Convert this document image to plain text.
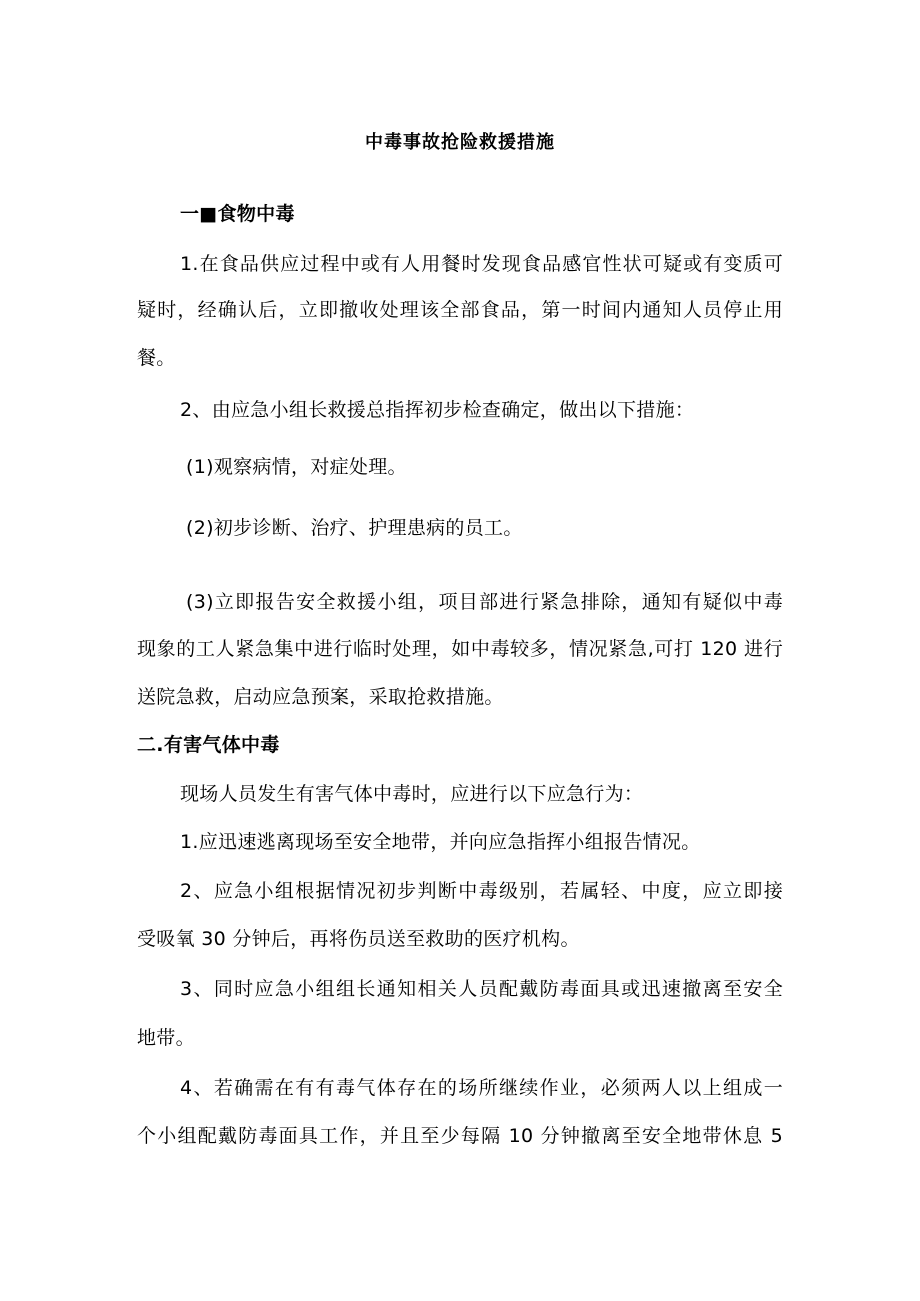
中毒事故抢险救援措施
一■食物中毒
1.在食品供应过程中或有人用餐时发现食品感官性状可疑或有变质可
疑时，经确认后，立即撤收处理该全部食品，第一时间内通知人员停止用
餐。
2、由应急小组长救援总指挥初步检查确定，做出以下措施：
(1)观察病情，对症处理。
(2)初步诊断、治疗、护理患病的员工。
(3)立即报告安全救援小组，项目部进行紧急排除，通知有疑似中毒
现象的工人紧急集中进行临时处理，如中毒较多，情况紧急,可打 120 进行
送院急救，启动应急预案，采取抢救措施。
二.有害气体中毒
现场人员发生有害气体中毒时，应进行以下应急行为：
1.应迅速逃离现场至安全地带，并向应急指挥小组报告情况。
2、应急小组根据情况初步判断中毒级别，若属轻、中度，应立即接
受吸氧 30 分钟后，再将伤员送至救助的医疗机构。
3、同时应急小组组长通知相关人员配戴防毒面具或迅速撤离至安全
地带。
4、若确需在有有毒气体存在的场所继续作业，必须两人以上组成一
个小组配戴防毒面具工作，并且至少每隔 10 分钟撤离至安全地带休息 5
